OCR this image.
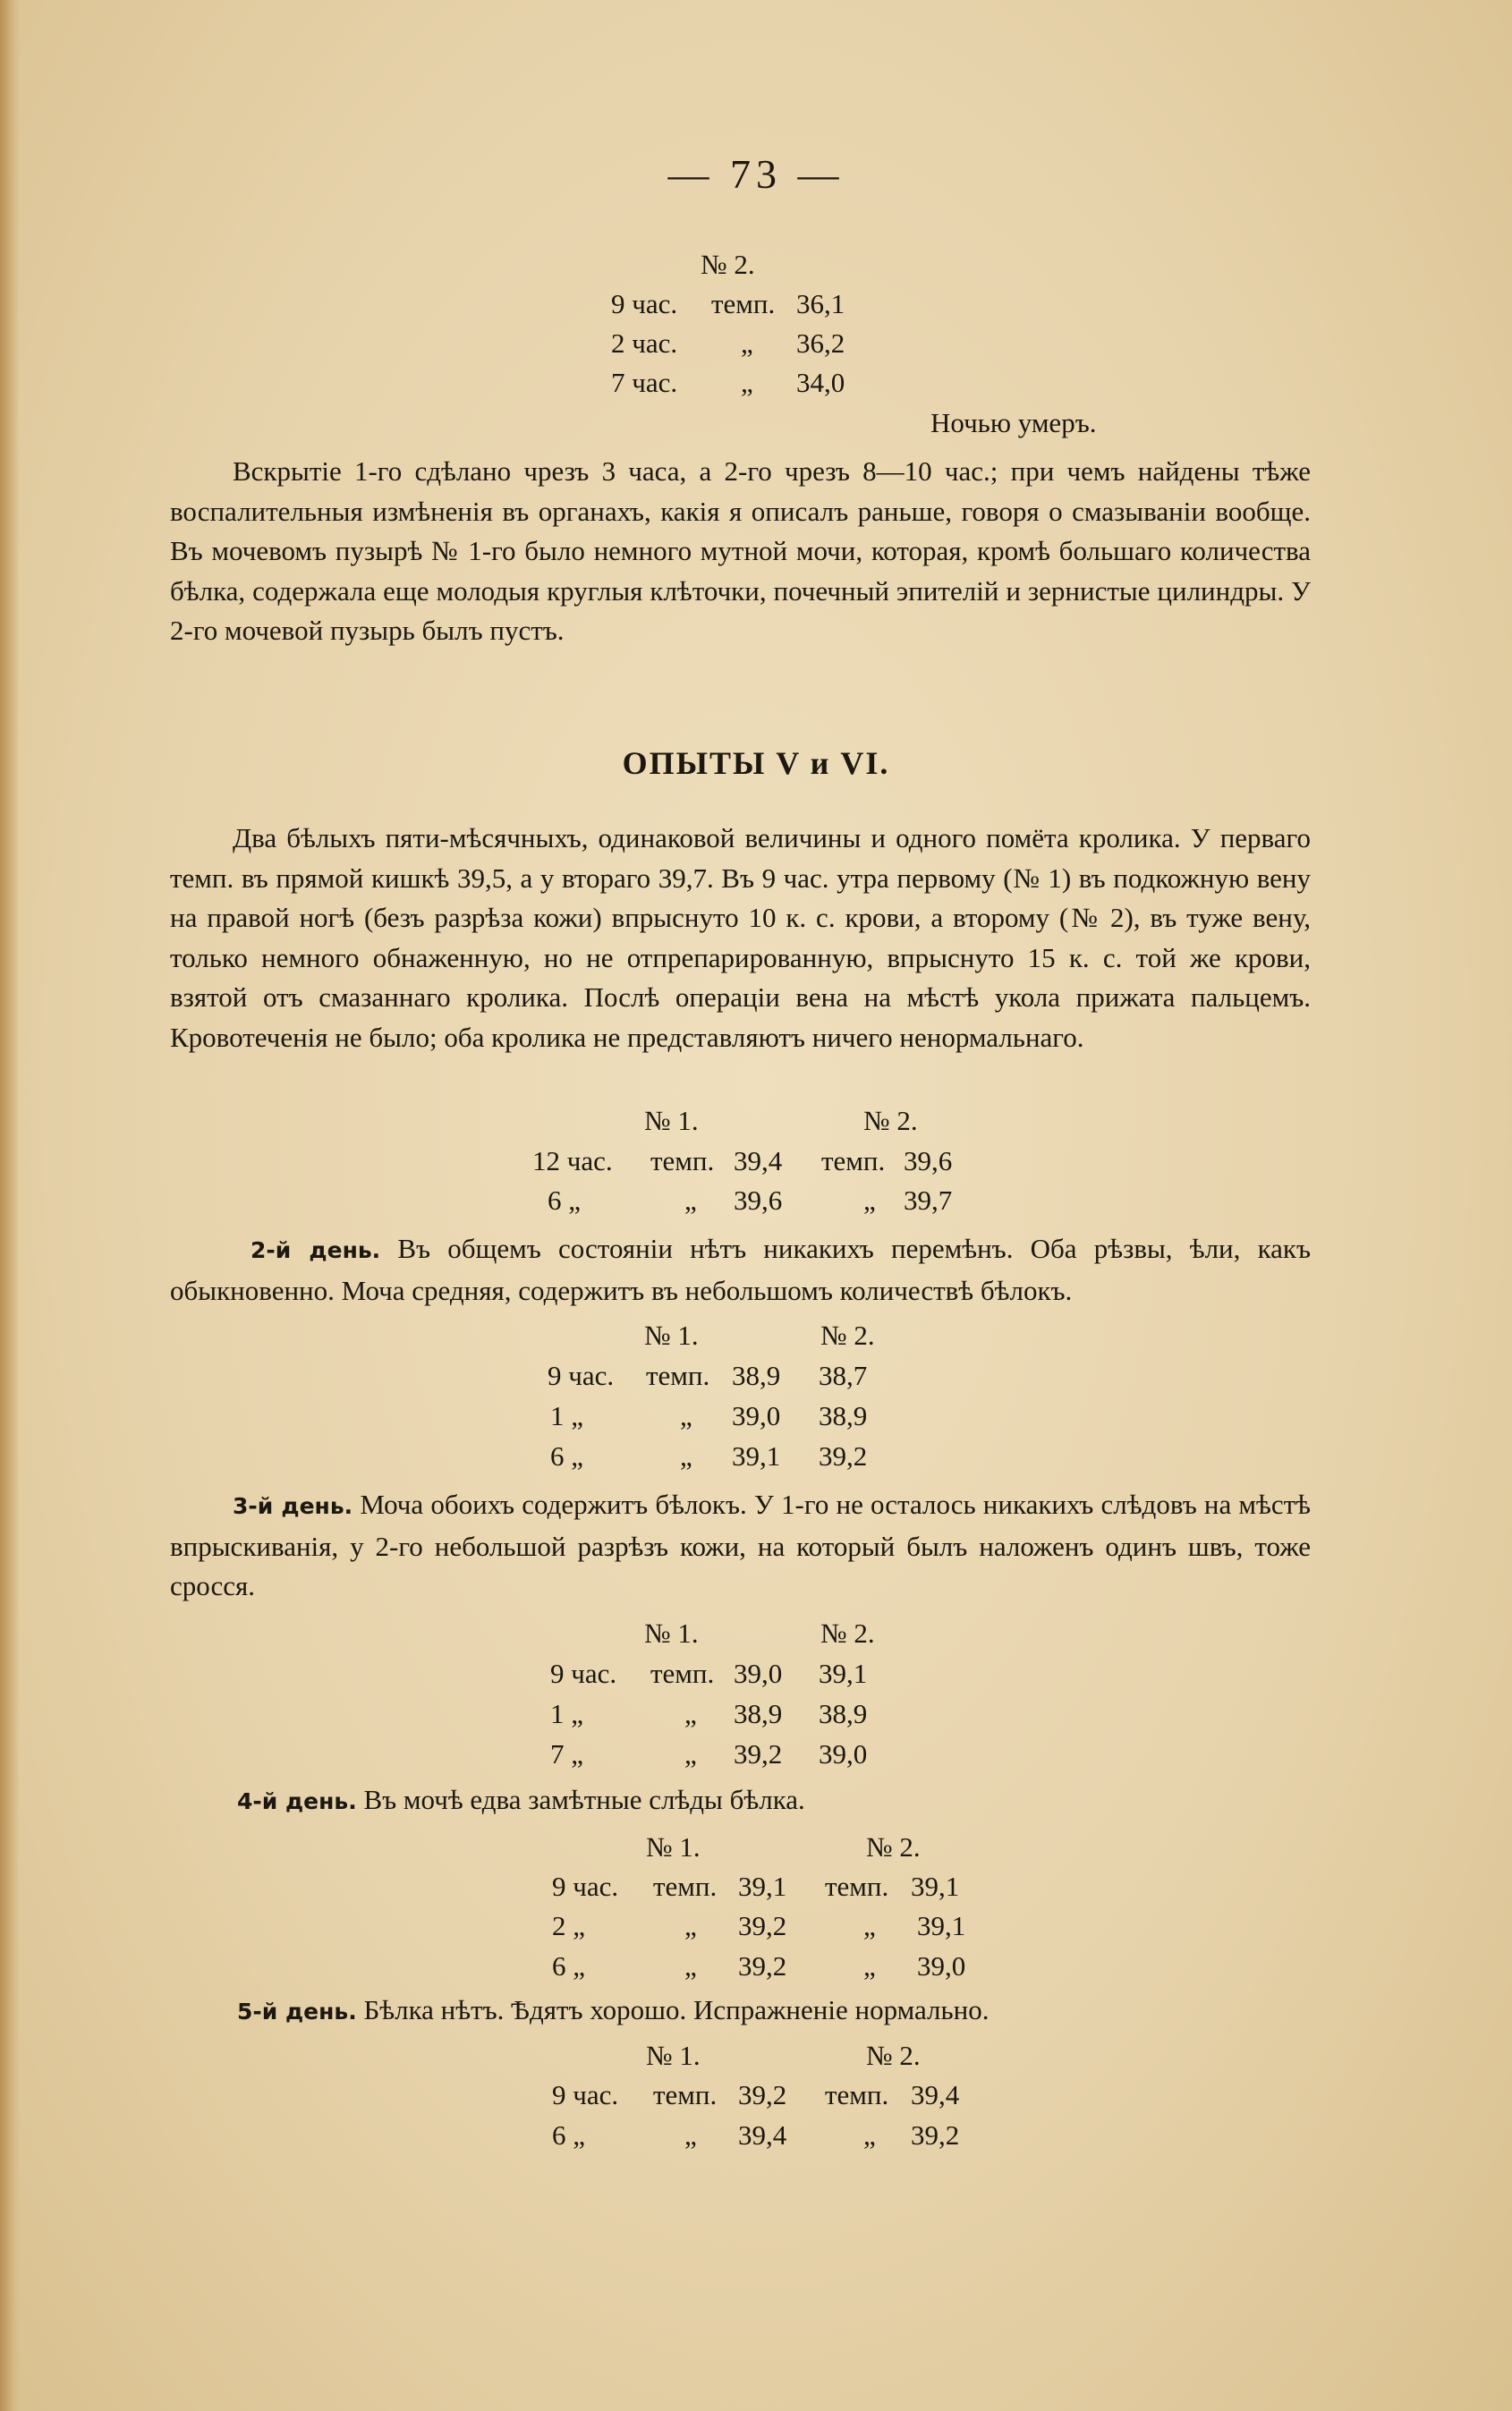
— 73 —
№ 2.
9 час. темп. 36,1
2 час. „ 36,2
7 час. „ 34,0
Ночью умеръ.

Вскрытіе 1-го сдѣлано чрезъ 3 часа, а 2-го чрезъ 8—10 час.; при чемъ найдены тѣже воспалительныя измѣненія въ органахъ, какія я описалъ раньше, говоря о смазываніи вообще. Въ мочевомъ пузырѣ № 1-го было немного мутной мочи, которая, кромѣ большаго количества бѣлка, содержала еще молодыя круглыя клѣточки, почечный эпителій и зернистые цилиндры. У 2-го мочевой пузырь былъ пустъ.

ОПЫТЫ V и VI.

Два бѣлыхъ пяти-мѣсячныхъ, одинаковой величины и одного помёта кролика. У перваго темп. въ прямой кишкѣ 39,5, а у втораго 39,7. Въ 9 час. утра первому (№ 1) въ подкожную вену на правой ногѣ (безъ разрѣза кожи) впрыснуто 10 к. с. крови, а второму (№ 2), въ туже вену, только немного обнаженную, но не отпрепарированную, впрыснуто 15 к. с. той же крови, взятой отъ смазаннаго кролика. Послѣ операціи вена на мѣстѣ укола прижата пальцемъ. Кровотеченія не было; оба кролика не представляютъ ничего ненормальнаго.

№ 1.	№ 2.
12 час. темп. 39,4 темп. 39,6
6 „	„ 39,6	„ 39,7

2-й день. Въ общемъ состояніи нѣтъ никакихъ перемѣнъ. Оба рѣзвы, ѣли, какъ обыкновенно. Моча средняя, содержитъ въ небольшомъ количествѣ бѣлокъ.

№ 1.	№ 2.
9 час. темп. 38,9 38,7
1 „	„ 39,0 38,9
6 „	„ 39,1 39,2

3-й день. Моча обоихъ содержитъ бѣлокъ. У 1-го не осталось никакихъ слѣдовъ на мѣстѣ впрыскиванія, у 2-го небольшой разрѣзъ кожи, на который былъ наложенъ одинъ швъ, тоже сросся.

№ 1.	№ 2.
9 час. темп. 39,0 39,1
1 „	„ 38,9 38,9
7 „	„ 39,2 39,0

4-й день. Въ мочѣ едва замѣтные слѣды бѣлка.

№ 1.	№ 2.
9 час. темп. 39,1 темп. 39,1
2 „	„ 39,2	„ 39,1
6 „	„ 39,2	„ 39,0

5-й день. Бѣлка нѣтъ. Ѣдятъ хорошо. Испражненіе нормально.

№ 1.	№ 2.
9 час. темп. 39,2 темп. 39,4
6 „	„ 39,4	„ 39,2
